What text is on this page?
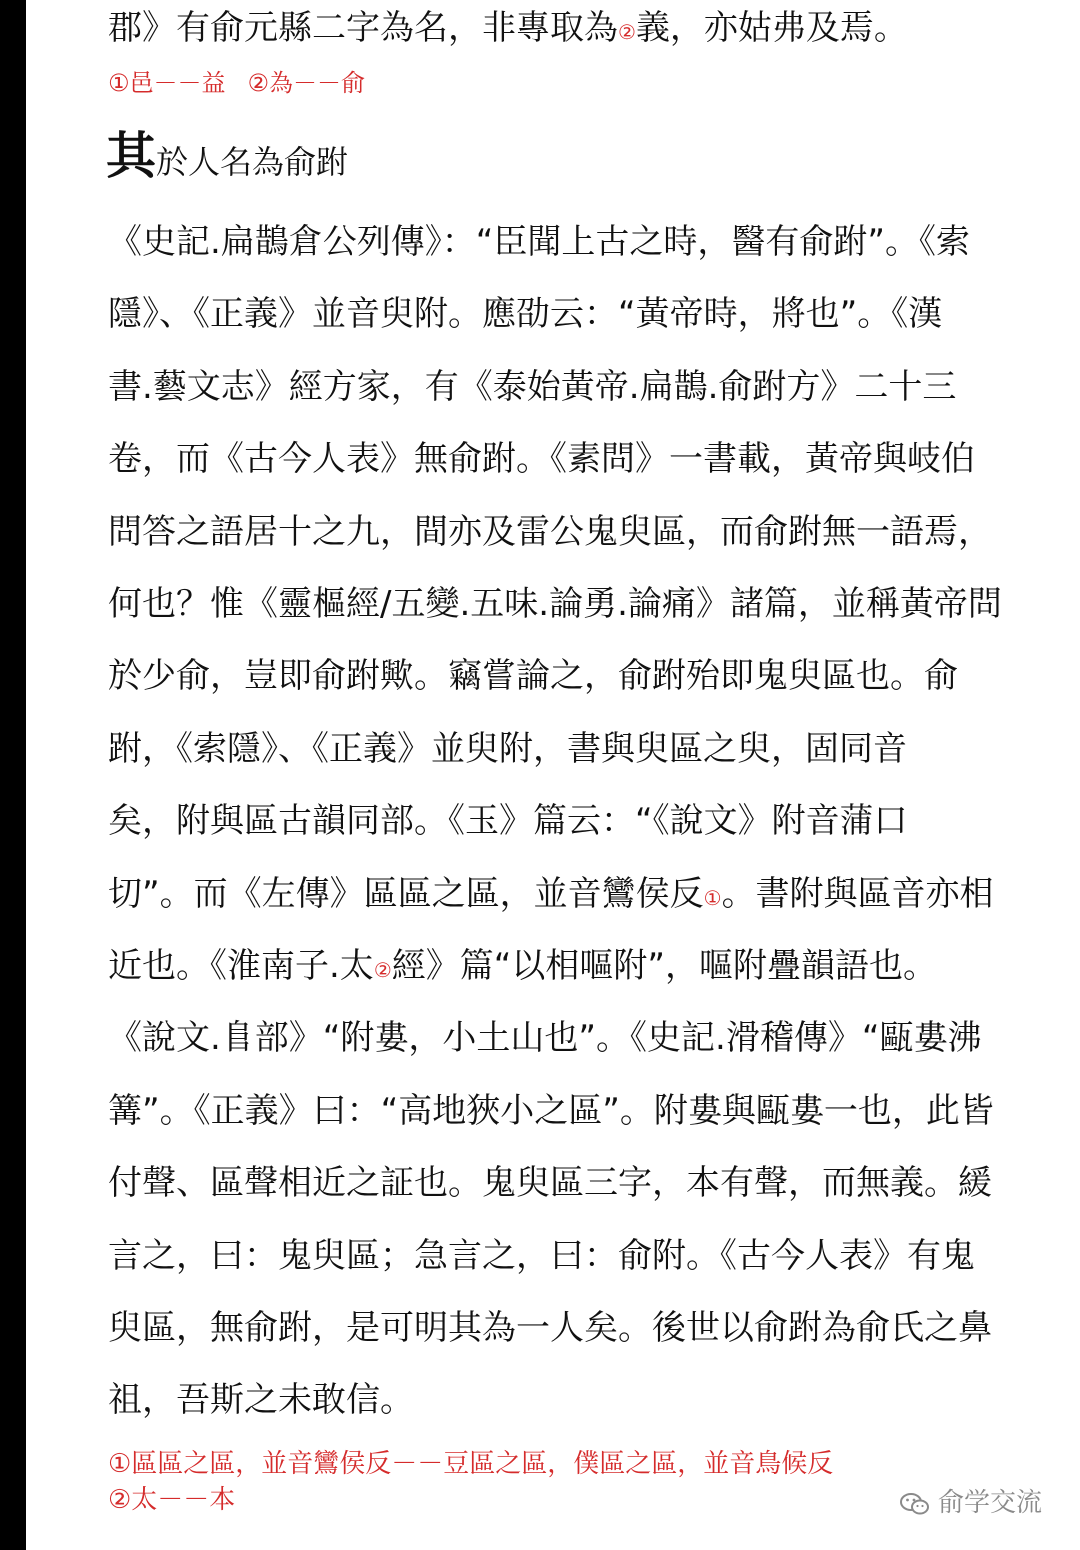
郡》有俞元縣二字為名，非專取為②義，亦姑弗及焉。
①邑－－益 ②為－－俞
其於人名為俞跗
《史記.扁鵲倉公列傳》：“臣聞上古之時，醫有俞跗”。《索
隱》、《正義》並音臾附。應劭云：“黃帝時，將也”。《漢
書.藝文志》經方家，有《泰始黃帝.扁鵲.俞跗方》二十三
卷，而《古今人表》無俞跗。《素問》一書載，黃帝與岐伯
問答之語居十之九，間亦及雷公鬼臾區，而俞跗無一語焉，
何也？惟《靈樞經/五變.五味.論勇.論痛》諸篇，並稱黃帝問
於少俞，豈即俞跗歟。竊嘗論之，俞跗殆即鬼臾區也。俞
跗，《索隱》、《正義》並臾附，書與臾區之臾，固同音
矣，附與區古韻同部。《玉》篇云：“《說文》附音蒲口
切”。而《左傳》區區之區，並音鸞侯反①。書附與區音亦相
近也。《淮南子.太②經》篇“以相嘔附”，嘔附疊韻語也。
《說文.𨸏部》“附婁，小土山也”。《史記.滑稽傳》“甌婁沸
篝”。《正義》曰：“高地狹小之區”。附婁與甌婁一也，此皆
付聲、區聲相近之証也。鬼臾區三字，本有聲，而無義。緩
言之，曰：鬼臾區；急言之，曰：俞附。《古今人表》有鬼
臾區，無俞跗，是可明其為一人矣。後世以俞跗為俞氏之鼻
祖，吾斯之未敢信。
①區區之區，並音鸞侯反－－豆區之區，僕區之區，並音鳥候反
②太－－本	俞学交流
